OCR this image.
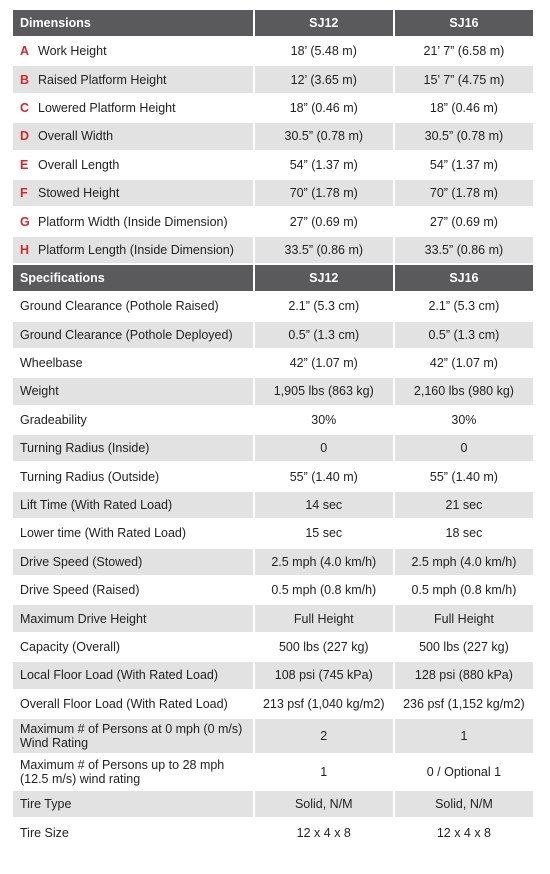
Dimensions	SJ12	SJ16
A Work Height	18’ (5.48 m)	21’ 7” (6.58 m)
B Raised Platform Height	12’ (3.65 m)	15’ 7” (4.75 m)
C Lowered Platform Height	18” (0.46 m)	18” (0.46 m)
D Overall Width	30.5” (0.78 m)	30.5” (0.78 m)
E Overall Length	54” (1.37 m)	54” (1.37 m)
F Stowed Height	70” (1.78 m)	70” (1.78 m)
G Platform Width (Inside Dimension)	27” (0.69 m)	27” (0.69 m)
H Platform Length (Inside Dimension)	33.5” (0.86 m)	33.5” (0.86 m)
Specifications	SJ12	SJ16
Ground Clearance (Pothole Raised)	2.1” (5.3 cm)	2.1” (5.3 cm)
Ground Clearance (Pothole Deployed)	0.5” (1.3 cm)	0.5” (1.3 cm)
Wheelbase	42” (1.07 m)	42” (1.07 m)
Weight	1,905 lbs (863 kg)	2,160 lbs (980 kg)
Gradeability	30%	30%
Turning Radius (Inside)	0	0
Turning Radius (Outside)	55” (1.40 m)	55” (1.40 m)
Lift Time (With Rated Load)	14 sec	21 sec
Lower time (With Rated Load)	15 sec	18 sec
Drive Speed (Stowed)	2.5 mph (4.0 km/h)	2.5 mph (4.0 km/h)
Drive Speed (Raised)	0.5 mph (0.8 km/h)	0.5 mph (0.8 km/h)
Maximum Drive Height	Full Height	Full Height
Capacity (Overall)	500 lbs (227 kg)	500 lbs (227 kg)
Local Floor Load (With Rated Load)	108 psi (745 kPa)	128 psi (880 kPa)
Overall Floor Load (With Rated Load)	213 psf (1,040 kg/m2)	236 psf (1,152 kg/m2)
Maximum # of Persons at 0 mph (0 m/s) Wind Rating	2	1
Maximum # of Persons up to 28 mph (12.5 m/s) wind rating	1	0 / Optional 1
Tire Type	Solid, N/M	Solid, N/M
Tire Size	12 x 4 x 8	12 x 4 x 8
